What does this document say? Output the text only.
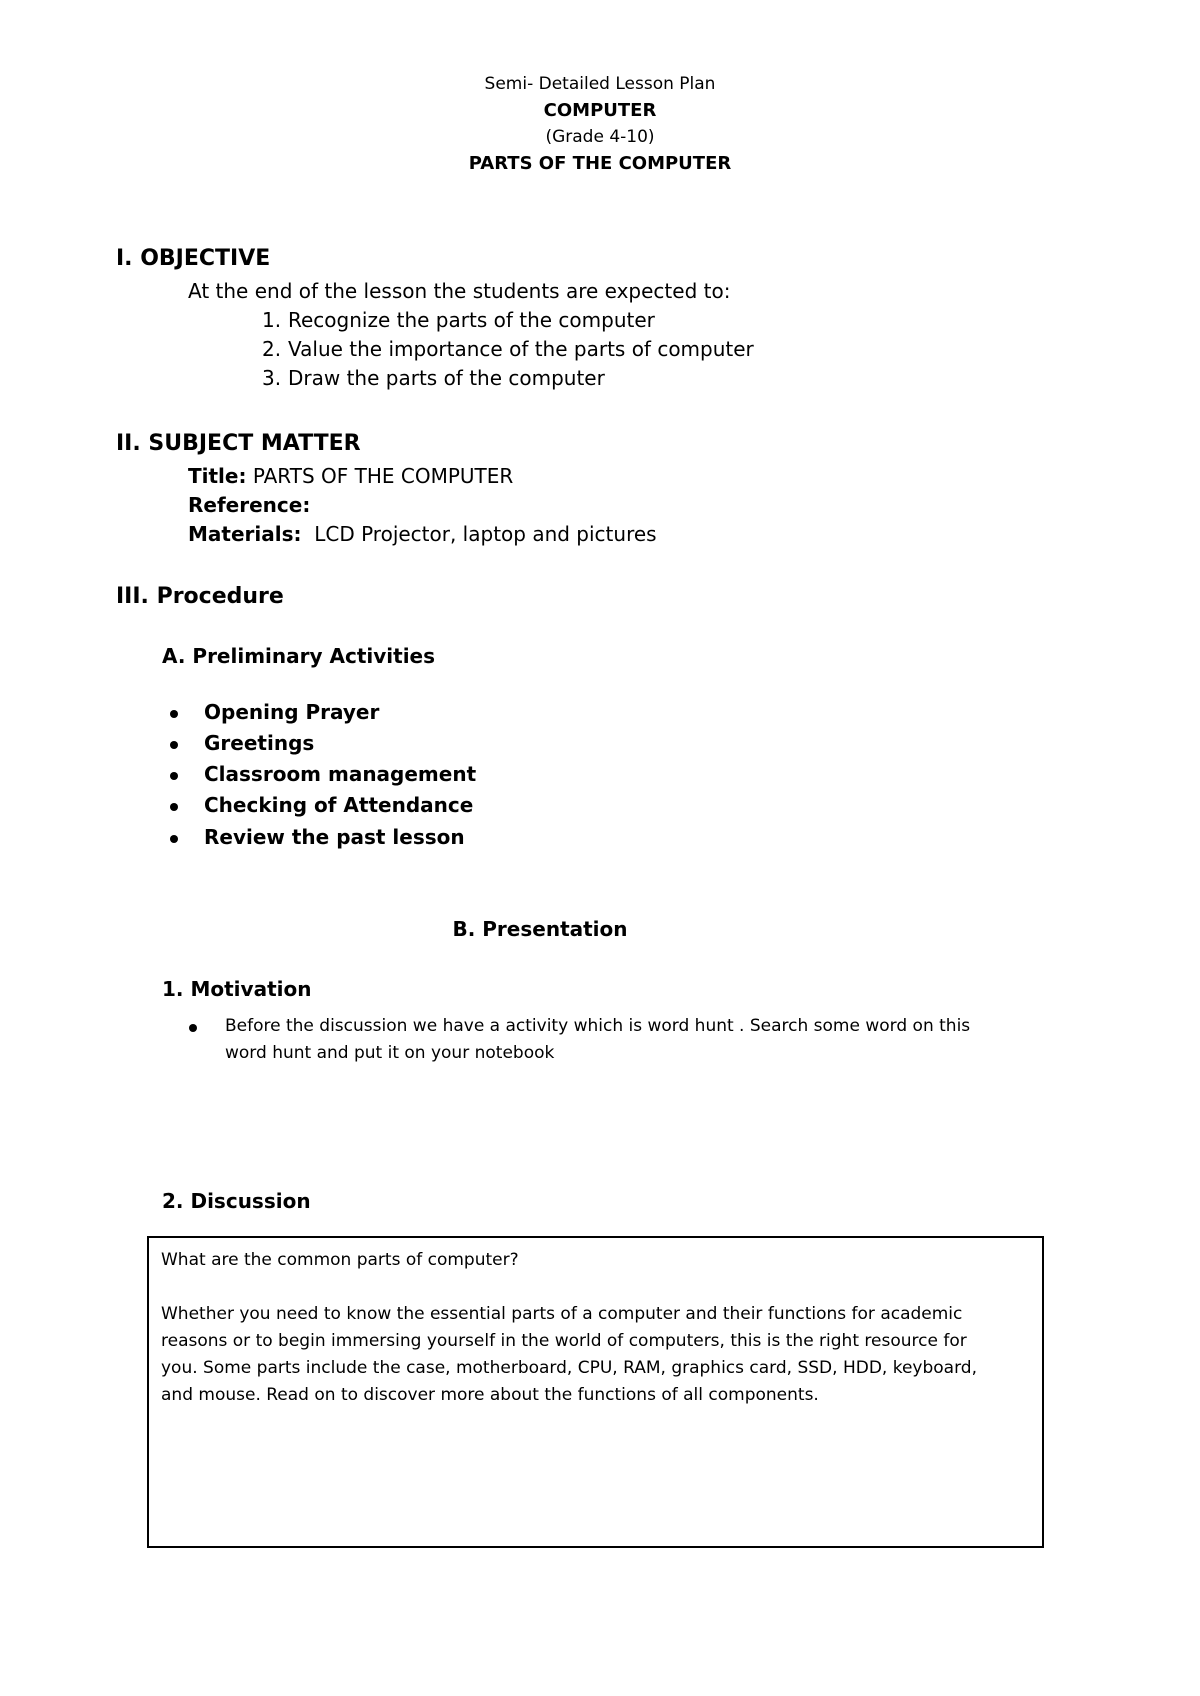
Semi- Detailed Lesson Plan
COMPUTER
(Grade 4-10)
PARTS OF THE COMPUTER
I. OBJECTIVE
At the end of the lesson the students are expected to:
1. Recognize the parts of the computer
2. Value the importance of the parts of computer
3. Draw the parts of the computer
II. SUBJECT MATTER
Title: PARTS OF THE COMPUTER
Reference:
Materials: LCD Projector, laptop and pictures
III. Procedure
A. Preliminary Activities
Opening Prayer
Greetings
Classroom management
Checking of Attendance
Review the past lesson
B. Presentation
1. Motivation
Before the discussion we have a activity which is word hunt . Search some word on this
word hunt and put it on your notebook
2. Discussion
What are the common parts of computer?
Whether you need to know the essential parts of a computer and their functions for academic
reasons or to begin immersing yourself in the world of computers, this is the right resource for
you. Some parts include the case, motherboard, CPU, RAM, graphics card, SSD, HDD, keyboard,
and mouse. Read on to discover more about the functions of all components.
